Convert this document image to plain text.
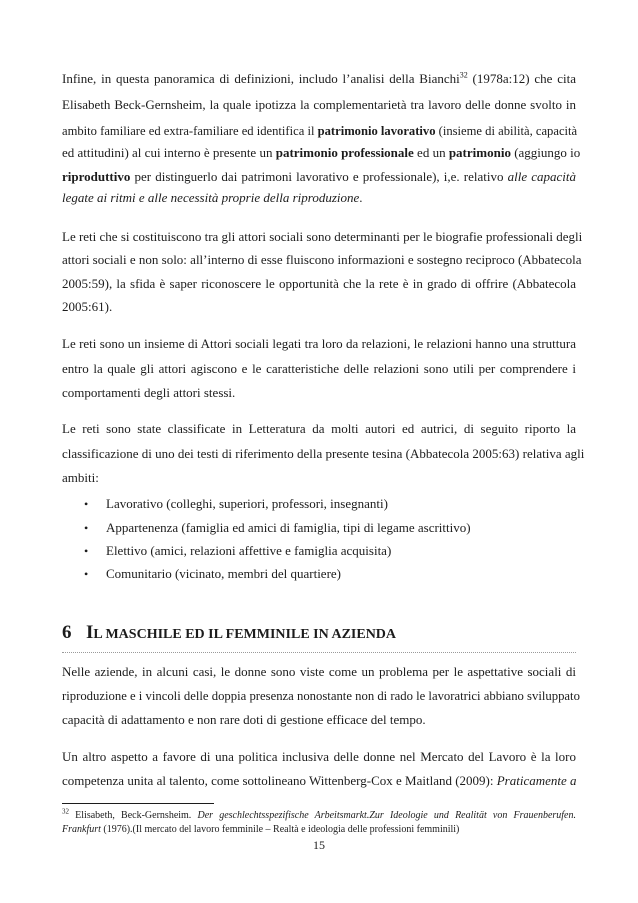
Infine, in questa panoramica di definizioni, includo l’analisi della Bianchi$^{32}$ (1978a:12) che cita
Elisabeth Beck-Gernsheim, la quale ipotizza la complementarietà tra lavoro delle donne svolto in
ambito familiare ed extra-familiare ed identifica il patrimonio lavorativo (insieme di abilità, capacità
ed attitudini) al cui interno è presente un patrimonio professionale ed un patrimonio (aggiungo io
riproduttivo per distinguerlo dai patrimoni lavorativo e professionale), i,e. relativo alle capacità
legate ai ritmi e alle necessità proprie della riproduzione.
Le reti che si costituiscono tra gli attori sociali sono determinanti per le biografie professionali degli
attori sociali e non solo: all’interno di esse fluiscono informazioni e sostegno reciproco (Abbatecola
2005:59), la sfida è saper riconoscere le opportunità che la rete è in grado di offrire (Abbatecola
2005:61).
Le reti sono un insieme di Attori sociali legati tra loro da relazioni, le relazioni hanno una struttura
entro la quale gli attori agiscono e le caratteristiche delle relazioni sono utili per comprendere i
comportamenti degli attori stessi.
Le reti sono state classificate in Letteratura da molti autori ed autrici, di seguito riporto la
classificazione di uno dei testi di riferimento della presente tesina (Abbatecola 2005:63) relativa agli
ambiti:
• Lavorativo (colleghi, superiori, professori, insegnanti)
• Appartenenza (famiglia ed amici di famiglia, tipi di legame ascrittivo)
• Elettivo (amici, relazioni affettive e famiglia acquisita)
• Comunitario (vicinato, membri del quartiere)
6 IL MASCHILE ED IL FEMMINILE IN AZIENDA
Nelle aziende, in alcuni casi, le donne sono viste come un problema per le aspettative sociali di
riproduzione e i vincoli delle doppia presenza nonostante non di rado le lavoratrici abbiano sviluppato
capacità di adattamento e non rare doti di gestione efficace del tempo.
Un altro aspetto a favore di una politica inclusiva delle donne nel Mercato del Lavoro è la loro
competenza unita al talento, come sottolineano Wittenberg-Cox e Maitland (2009): Praticamente a
$^{32}$ Elisabeth, Beck-Gernsheim. Der geschlechtsspezifische Arbeitsmarkt.Zur Ideologie und Realität von Frauenberufen.
Frankfurt (1976).(Il mercato del lavoro femminile – Realtà e ideologia delle professioni femminili)
15
